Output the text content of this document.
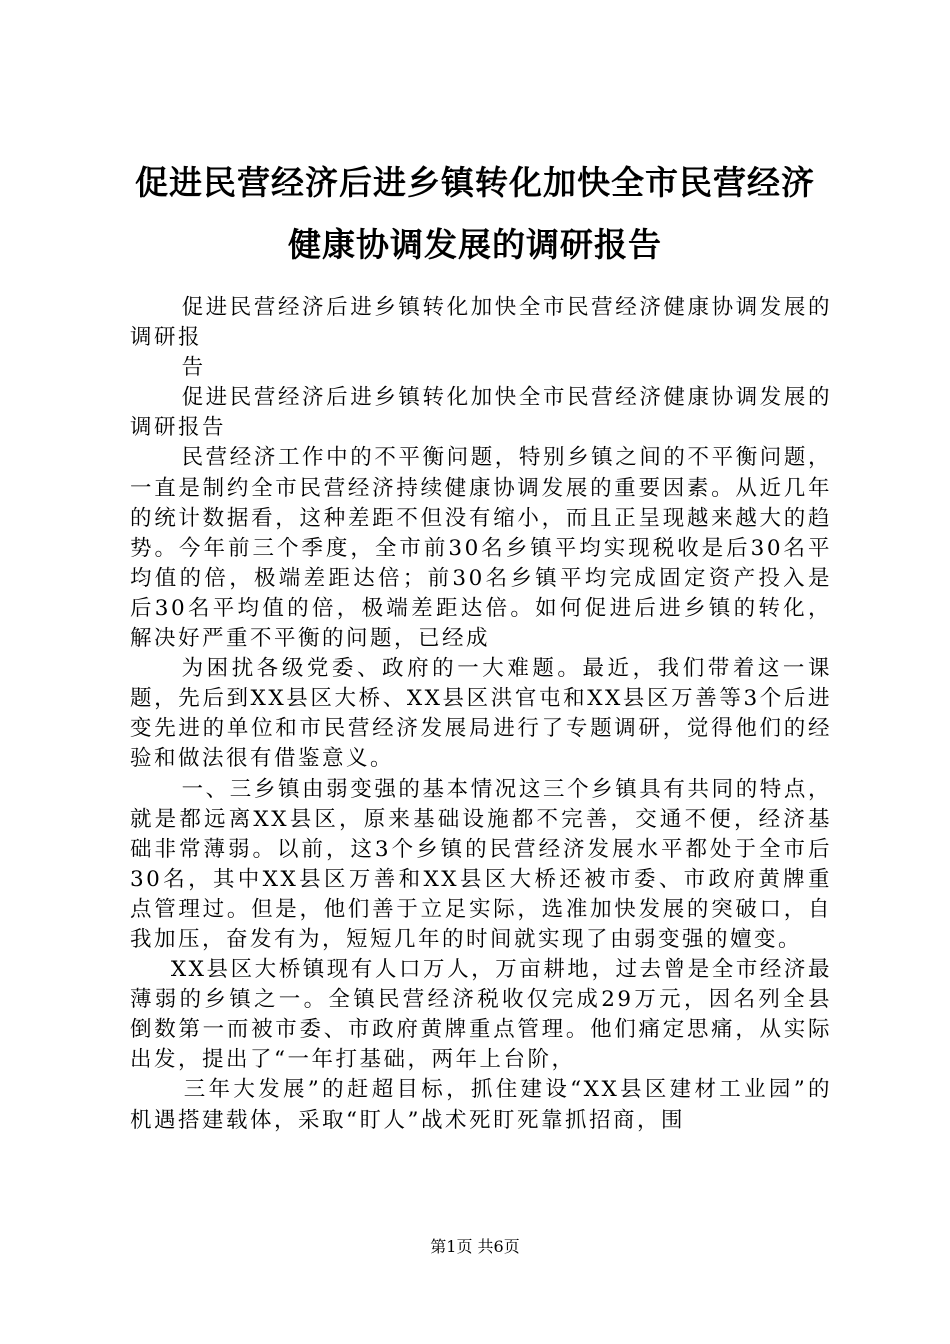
促进民营经济后进乡镇转化加快全市民营经济
健康协调发展的调研报告

促进民营经济后进乡镇转化加快全市民营经济健康协调发展的调研报

告

促进民营经济后进乡镇转化加快全市民营经济健康协调发展的调研报告

民营经济工作中的不平衡问题，特别乡镇之间的不平衡问题，一直是制约全市民营经济持续健康协调发展的重要因素。从近几年的统计数据看，这种差距不但没有缩小，而且正呈现越来越大的趋势。今年前三个季度，全市前30名乡镇平均实现税收是后30名平均值的倍，极端差距达倍；前30名乡镇平均完成固定资产投入是后30名平均值的倍，极端差距达倍。如何促进后进乡镇的转化，解决好严重不平衡的问题，已经成

为困扰各级党委、政府的一大难题。最近，我们带着这一课题，先后到XX县区大桥、XX县区洪官屯和XX县区万善等3个后进变先进的单位和市民营经济发展局进行了专题调研，觉得他们的经验和做法很有借鉴意义。

一、三乡镇由弱变强的基本情况这三个乡镇具有共同的特点，就是都远离XX县区，原来基础设施都不完善，交通不便，经济基础非常薄弱。以前，这3个乡镇的民营经济发展水平都处于全市后30名，其中XX县区万善和XX县区大桥还被市委、市政府黄牌重点管理过。但是，他们善于立足实际，选准加快发展的突破口，自我加压，奋发有为，短短几年的时间就实现了由弱变强的嬗变。

XX县区大桥镇现有人口万人，万亩耕地，过去曾是全市经济最薄弱的乡镇之一。全镇民营经济税收仅完成29万元，因名列全县倒数第一而被市委、市政府黄牌重点管理。他们痛定思痛，从实际出发，提出了“一年打基础，两年上台阶，

三年大发展”的赶超目标，抓住建设“XX县区建材工业园”的机遇搭建载体，采取“盯人”战术死盯死靠抓招商，围

第1页 共6页
